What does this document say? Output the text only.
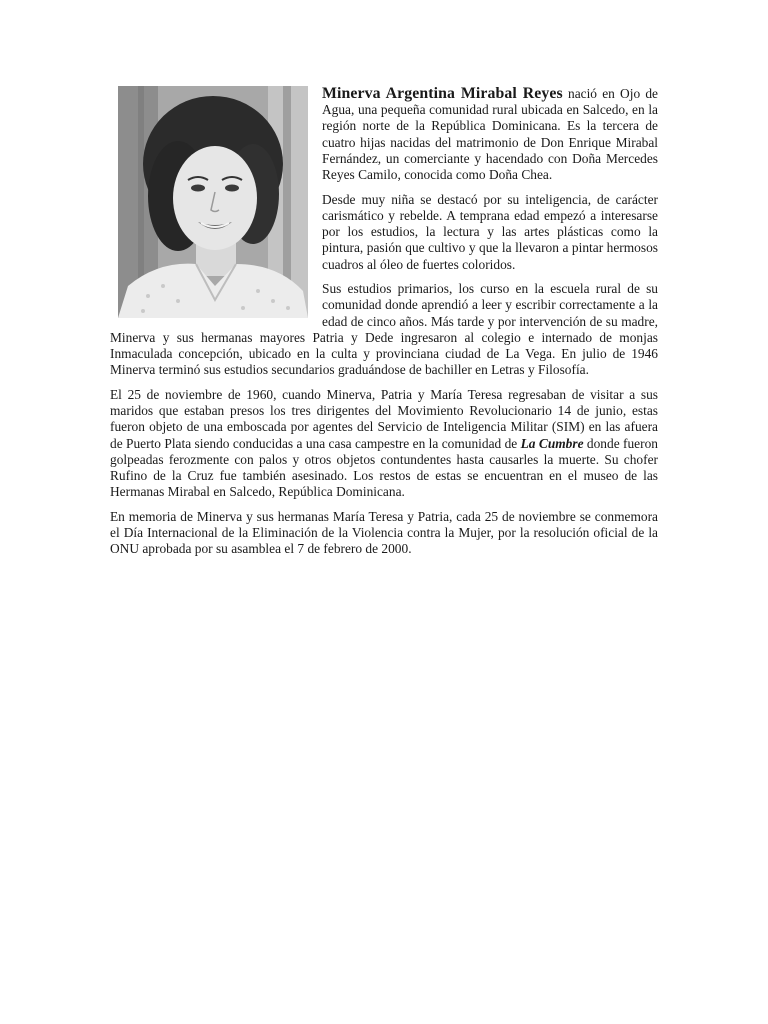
Minerva Argentina Mirabal Reyes nació en Ojo de Agua, una pequeña comunidad rural ubicada en Salcedo, en la región norte de la República Dominicana. Es la tercera de cuatro hijas nacidas del matrimonio de Don Enrique Mirabal Fernández, un comerciante y hacendado con Doña Mercedes Reyes Camilo, conocida como Doña Chea.

Desde muy niña se destacó por su inteligencia, de carácter carismático y rebelde. A temprana edad empezó a interesarse por los estudios, la lectura y las artes plásticas como la pintura, pasión que cultivo y que la llevaron a pintar hermosos cuadros al óleo de fuertes coloridos.

Sus estudios primarios, los curso en la escuela rural de su comunidad donde aprendió a leer y escribir correctamente a la edad de cinco años. Más tarde y por intervención de su madre, Minerva y sus hermanas mayores Patria y Dede ingresaron al colegio e internado de monjas Inmaculada concepción, ubicado en la culta y provinciana ciudad de La Vega. En julio de 1946 Minerva terminó sus estudios secundarios graduándose de bachiller en Letras y Filosofía.

El 25 de noviembre de 1960, cuando Minerva, Patria y María Teresa regresaban de visitar a sus maridos que estaban presos los tres dirigentes del Movimiento Revolucionario 14 de junio, estas fueron objeto de una emboscada por agentes del Servicio de Inteligencia Militar (SIM) en las afuera de Puerto Plata siendo conducidas a una casa campestre en la comunidad de La Cumbre donde fueron golpeadas ferozmente con palos y otros objetos contundentes hasta causarles la muerte. Su chofer Rufino de la Cruz fue también asesinado. Los restos de estas se encuentran en el museo de las Hermanas Mirabal en Salcedo, República Dominicana.

En memoria de Minerva y sus hermanas María Teresa y Patria, cada 25 de noviembre se conmemora el Día Internacional de la Eliminación de la Violencia contra la Mujer, por la resolución oficial de la ONU aprobada por su asamblea el 7 de febrero de 2000.
